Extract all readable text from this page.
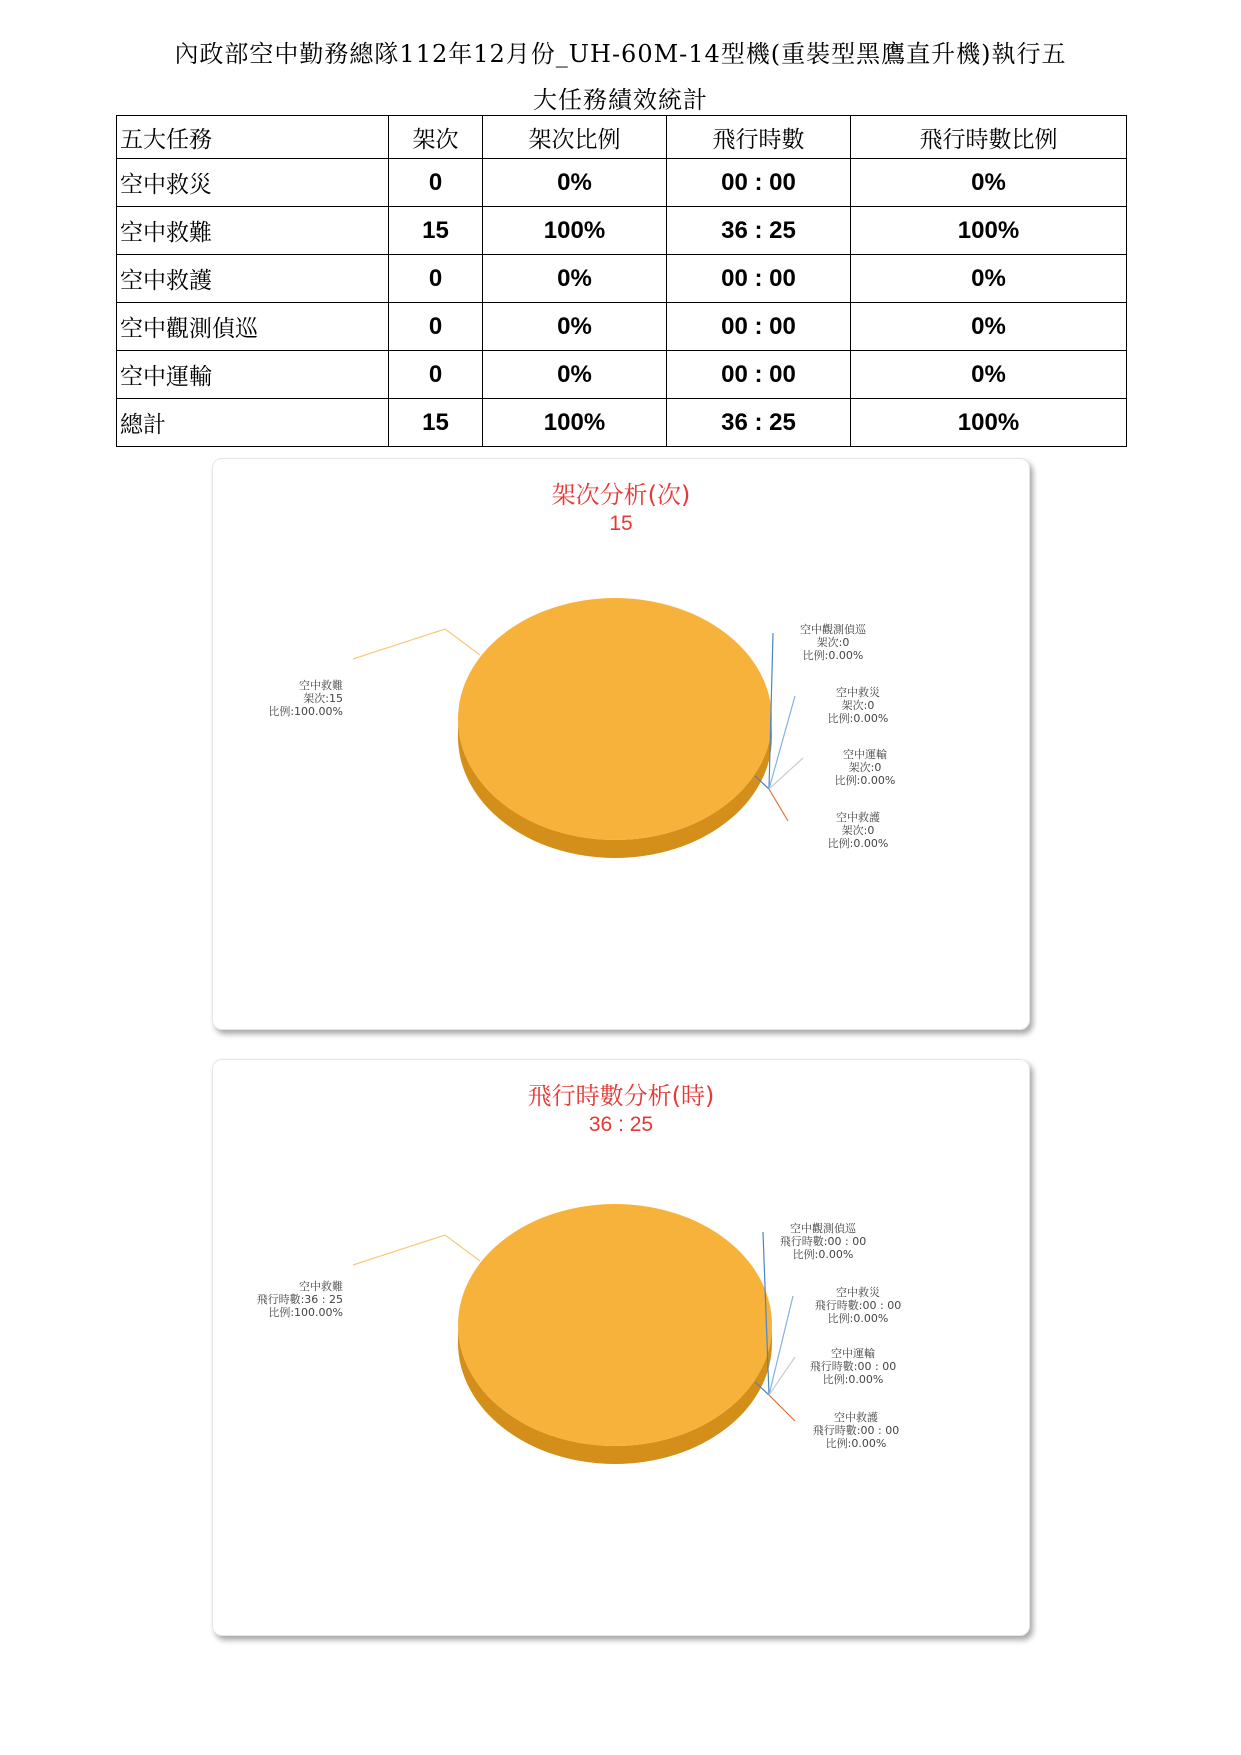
內政部空中勤務總隊112年12月份_UH-60M-14型機(重裝型黑鷹直升機)執行五
大任務績效統計
五大任務	架次	架次比例	飛行時數	飛行時數比例
空中救災	0	0%	00 : 00	0%
空中救難	15	100%	36 : 25	100%
空中救護	0	0%	00 : 00	0%
空中觀測偵巡	0	0%	00 : 00	0%
空中運輸	0	0%	00 : 00	0%
總計	15	100%	36 : 25	100%
空中救難
架次:15
比例:100.00%
空中觀測偵巡
架次:0
比例:0.00%
空中救災
架次:0
比例:0.00%
空中運輸
架次:0
比例:0.00%
空中救護
架次:0
比例:0.00%
架次分析(次)
15
空中救難
飛行時數:36 : 25
比例:100.00%
空中觀測偵巡
飛行時數:00 : 00
比例:0.00%
空中救災
飛行時數:00 : 00
比例:0.00%
空中運輸
飛行時數:00 : 00
比例:0.00%
空中救護
飛行時數:00 : 00
比例:0.00%
飛行時數分析(時)
36 : 25
